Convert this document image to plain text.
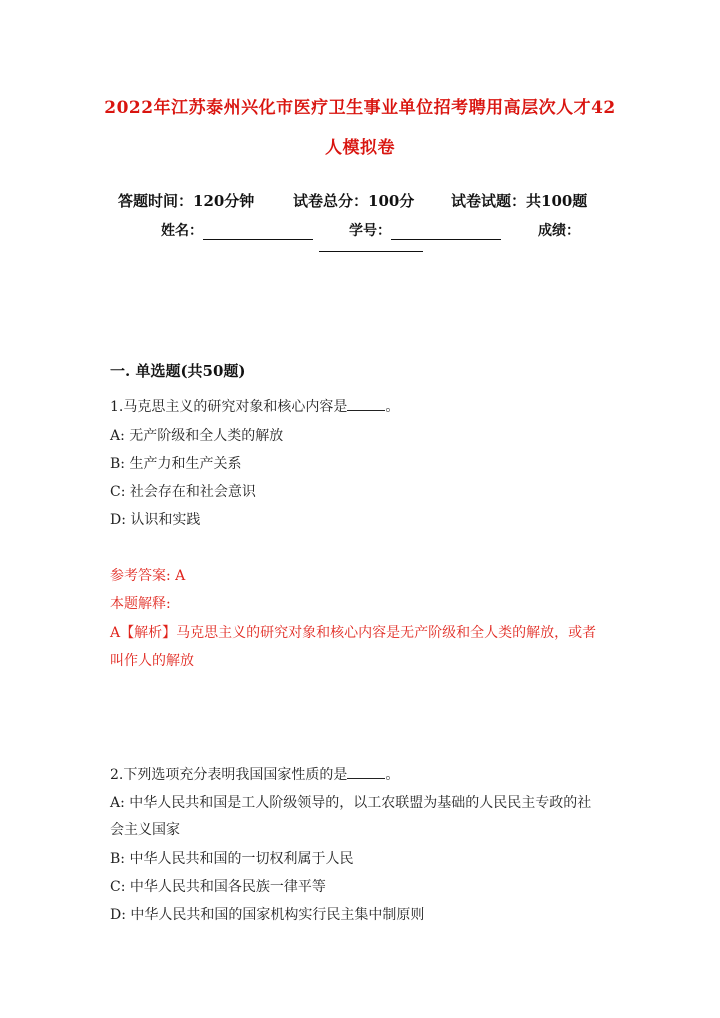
2022年江苏泰州兴化市医疗卫生事业单位招考聘用高层次人才42
人模拟卷
答题时间：120分钟	试卷总分：100分 试卷试题：共100题
姓名：	学号：	成绩：
一. 单选题(共50题)
1.马克思主义的研究对象和核心内容是	。
A: 无产阶级和全人类的解放
B: 生产力和生产关系
C: 社会存在和社会意识
D: 认识和实践
参考答案: A
本题解释:
A【解析】马克思主义的研究对象和核心内容是无产阶级和全人类的解放，或者
叫作人的解放
2.下列选项充分表明我国国家性质的是	。
A: 中华人民共和国是工人阶级领导的，以工农联盟为基础的人民民主专政的社
会主义国家
B: 中华人民共和国的一切权利属于人民
C: 中华人民共和国各民族一律平等
D: 中华人民共和国的国家机构实行民主集中制原则
